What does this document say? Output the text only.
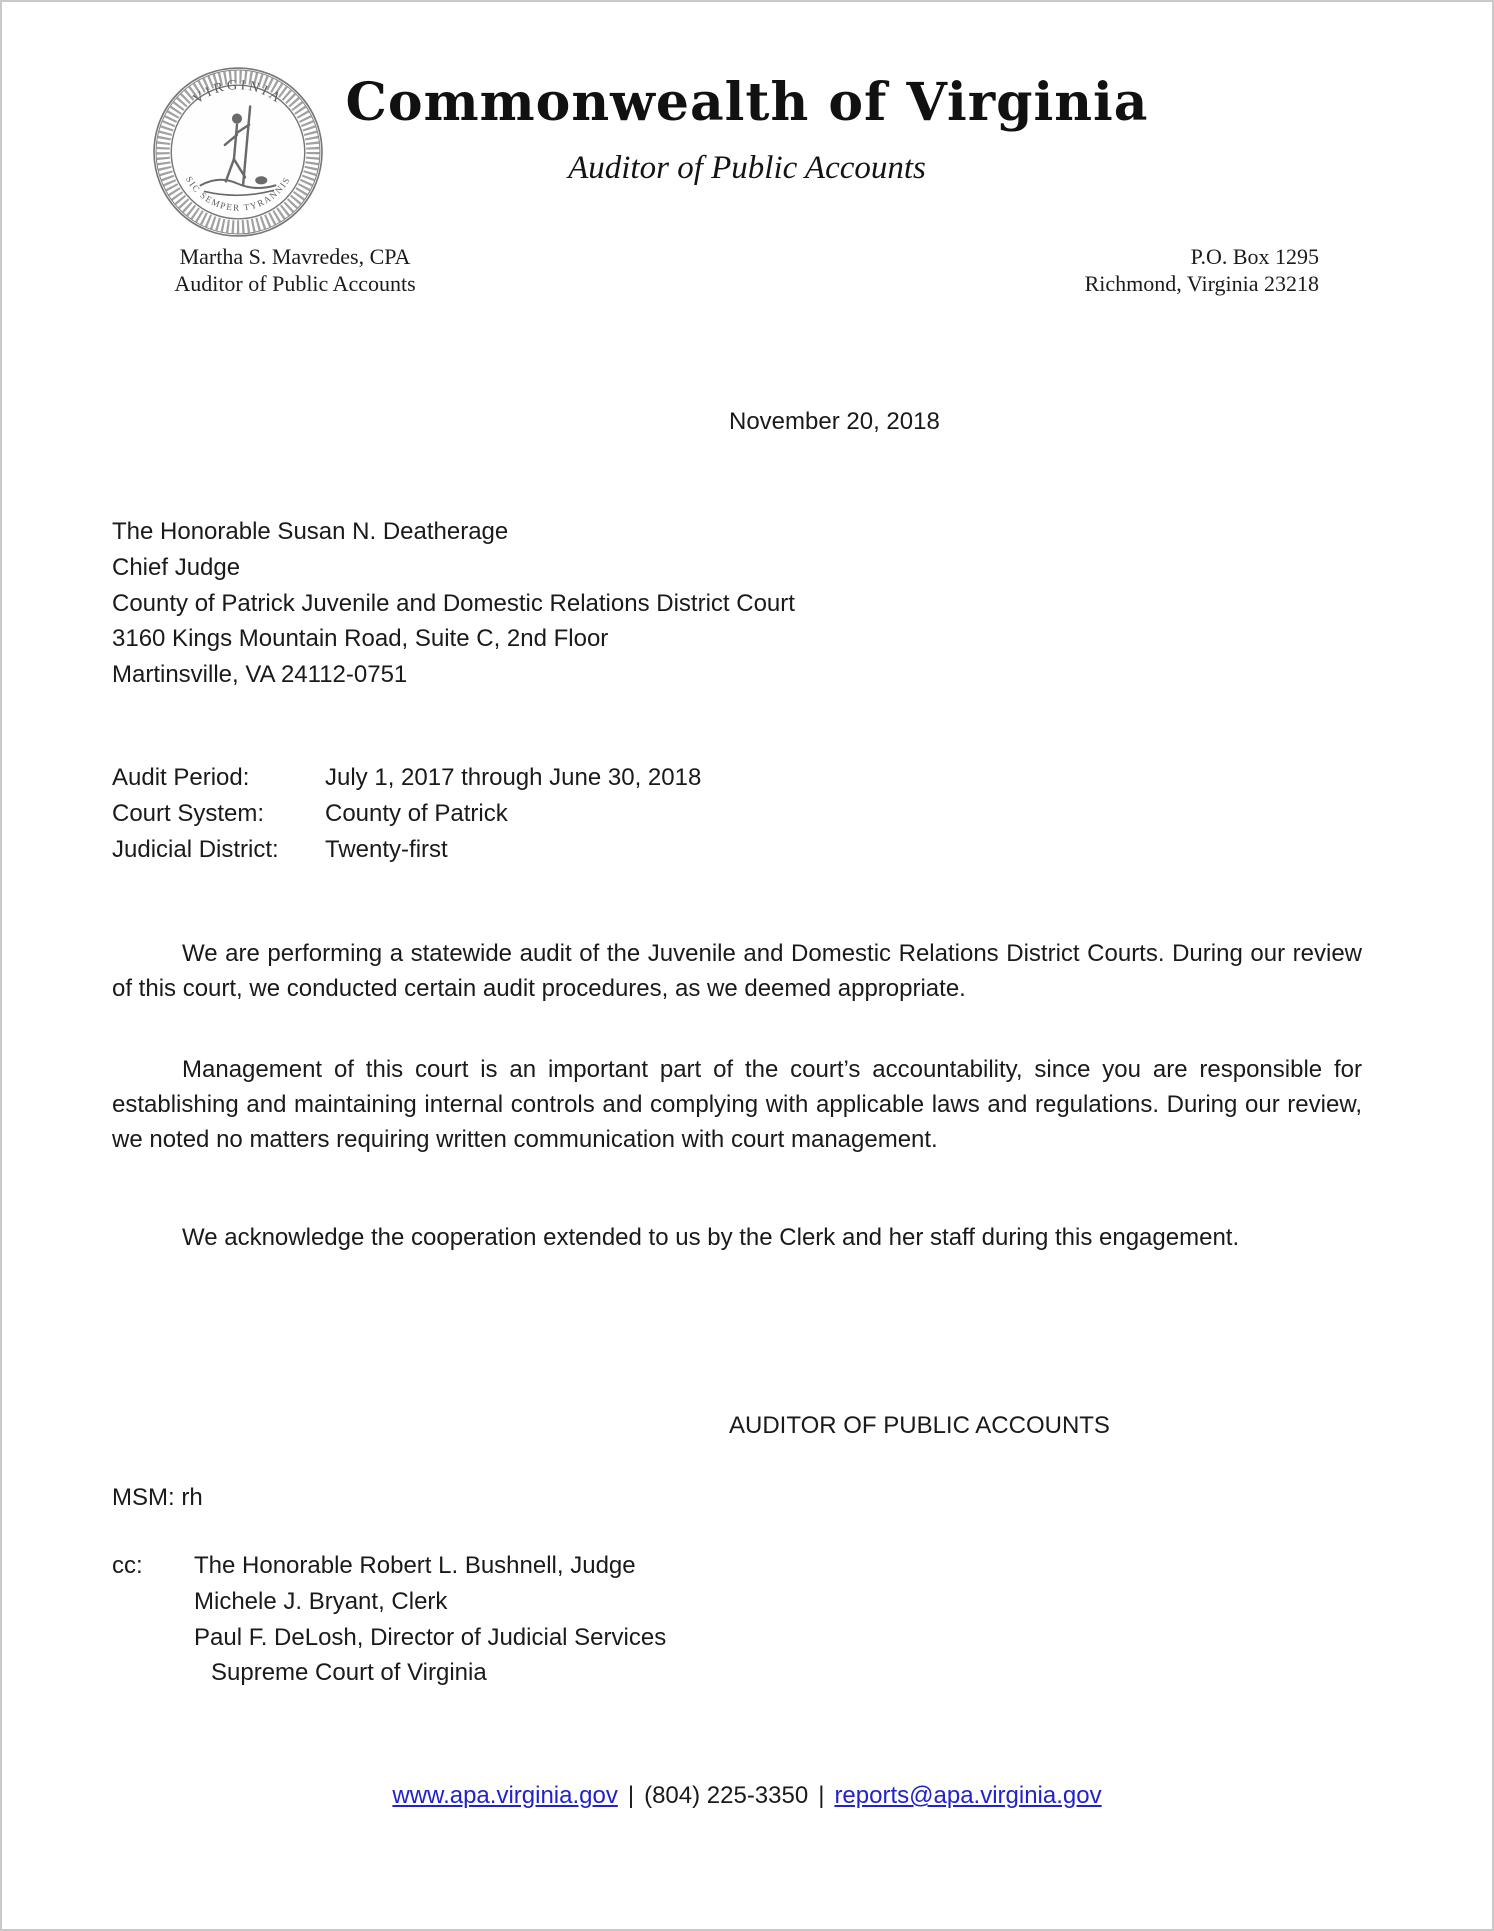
VIRGINIA
SIC SEMPER TYRANNIS
Commonwealth of Virginia
Auditor of Public Accounts
Martha S. Mavredes, CPA
Auditor of Public Accounts
P.O. Box 1295
Richmond, Virginia 23218
November 20, 2018
The Honorable Susan N. Deatherage
Chief Judge
County of Patrick Juvenile and Domestic Relations District Court
3160 Kings Mountain Road, Suite C, 2nd Floor
Martinsville, VA 24112-0751
Audit Period:	July 1, 2017 through June 30, 2018
Court System:	County of Patrick
Judicial District:	Twenty-first

We are performing a statewide audit of the Juvenile and Domestic Relations District Courts. During our review of this court, we conducted certain audit procedures, as we deemed appropriate.

Management of this court is an important part of the court’s accountability, since you are responsible for establishing and maintaining internal controls and complying with applicable laws and regulations. During our review, we noted no matters requiring written communication with court management.

We acknowledge the cooperation extended to us by the Clerk and her staff during this engagement.

AUDITOR OF PUBLIC ACCOUNTS
MSM: rh
cc:	The Honorable Robert L. Bushnell, Judge
Michele J. Bryant, Clerk
Paul F. DeLosh, Director of Judicial Services
Supreme Court of Virginia
www.apa.virginia.gov | (804) 225-3350 | reports@apa.virginia.gov
